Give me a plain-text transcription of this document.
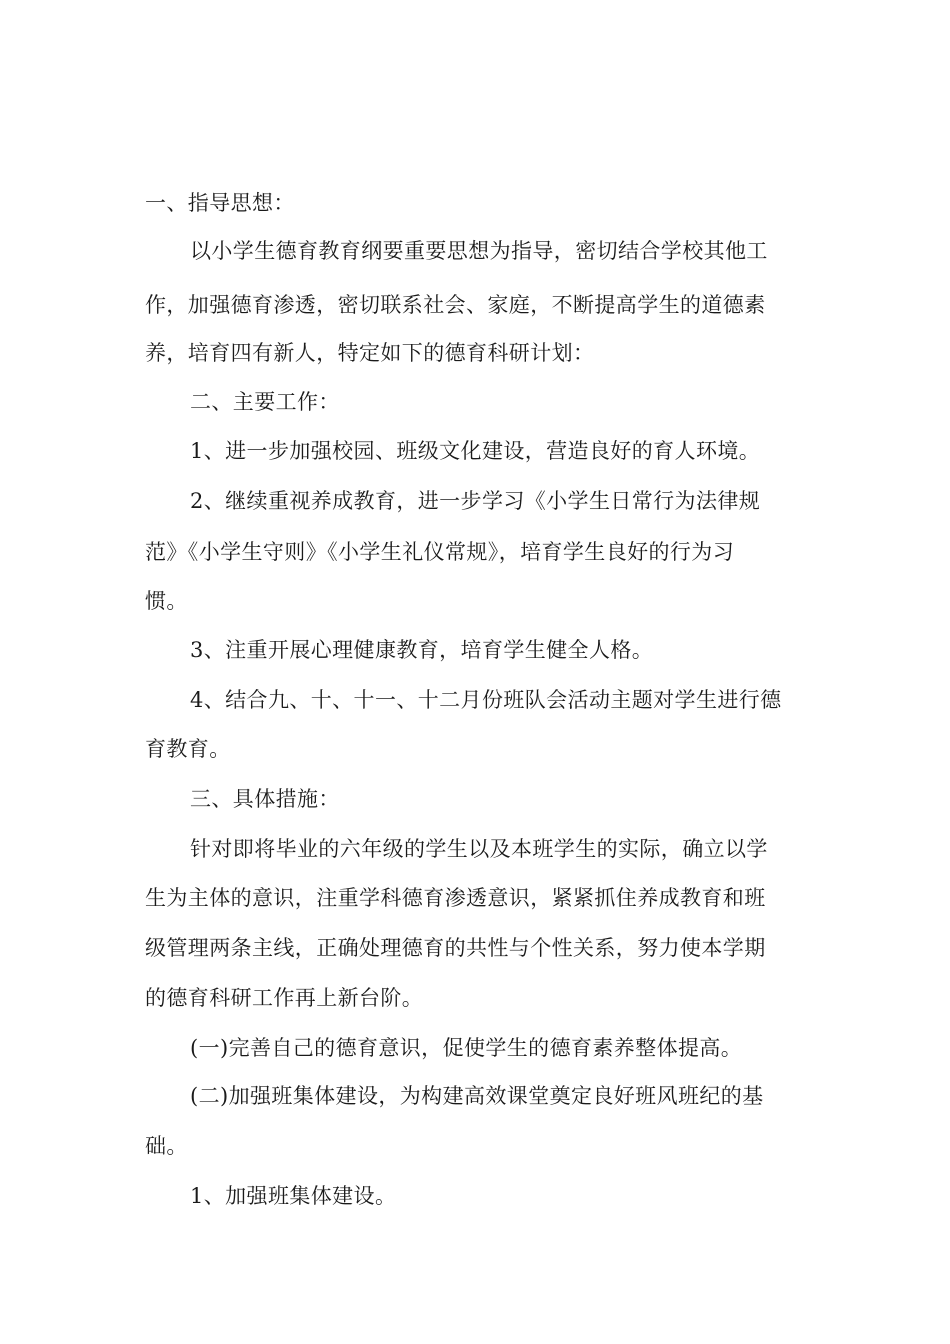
一、指导思想：
以小学生德育教育纲要重要思想为指导，密切结合学校其他工
作，加强德育渗透，密切联系社会、家庭，不断提高学生的道德素
养，培育四有新人，特定如下的德育科研计划：
二、主要工作：
1、进一步加强校园、班级文化建设，营造良好的育人环境。
2、继续重视养成教育，进一步学习《小学生日常行为法律规
范》《小学生守则》《小学生礼仪常规》，培育学生良好的行为习
惯。
3、注重开展心理健康教育，培育学生健全人格。
4、结合九、十、十一、十二月份班队会活动主题对学生进行德
育教育。
三、具体措施：
针对即将毕业的六年级的学生以及本班学生的实际，确立以学
生为主体的意识，注重学科德育渗透意识，紧紧抓住养成教育和班
级管理两条主线，正确处理德育的共性与个性关系，努力使本学期
的德育科研工作再上新台阶。
(一)完善自己的德育意识，促使学生的德育素养整体提高。
(二)加强班集体建设，为构建高效课堂奠定良好班风班纪的基
础。
1、加强班集体建设。
